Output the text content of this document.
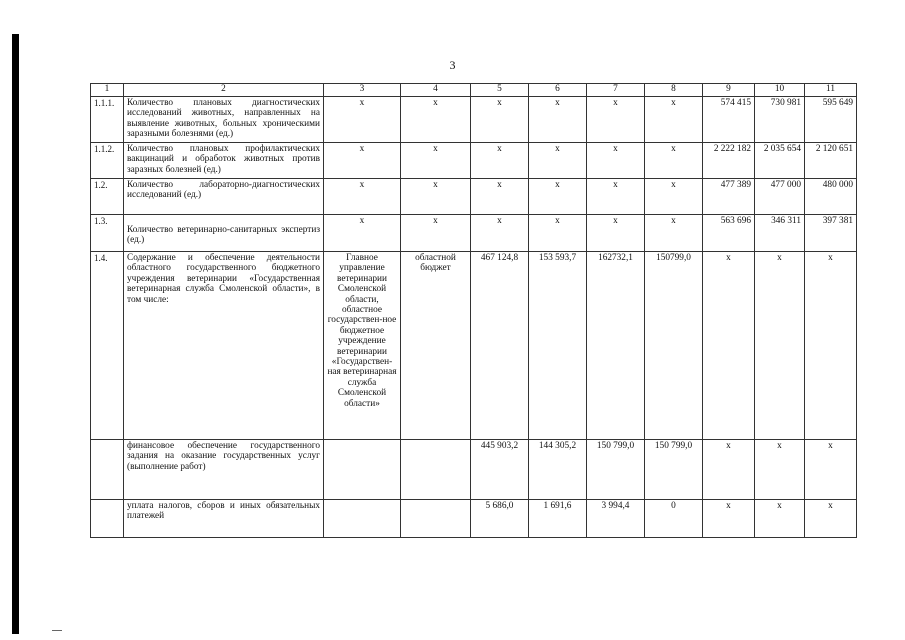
3
1	2	3	4	5	6	7	8	9	10	11
1.1.1.	Количество плановых диагностических исследований животных, направленных на выявление животных, больных хроническими заразными болезнями (ед.)	x	x	x	x	x	x	574 415	730 981	595 649
1.1.2.	Количество плановых профилактических вакцинаций и обработок животных против заразных болезней (ед.)	x	x	x	x	x	x	2 222 182	2 035 654	2 120 651
1.2.	Количество лабораторно-диагностических исследований (ед.)	x	x	x	x	x	x	477 389	477 000	480 000
1.3.	Количество ветеринарно-санитарных экспертиз (ед.)	x	x	x	x	x	x	563 696	346 311	397 381
1.4.	Содержание и обеспечение деятельности областного государственного бюджетного учреждения ветеринарии «Государственная ветеринарная служба Смоленской области», в том числе:	Главное управление ветеринарии Смоленской области, областное государствен-ное бюджетное учреждение ветеринарии «Государствен-ная ветеринарная служба Смоленской области»	областной бюджет	467 124,8	153 593,7	162732,1	150799,0	x	x	x
	финансовое обеспечение государственного задания на оказание государственных услуг (выполнение работ)			445 903,2	144 305,2	150 799,0	150 799,0	x	x	x
	уплата налогов, сборов и иных обязательных платежей			5 686,0	1 691,6	3 994,4	0	x	x	x
